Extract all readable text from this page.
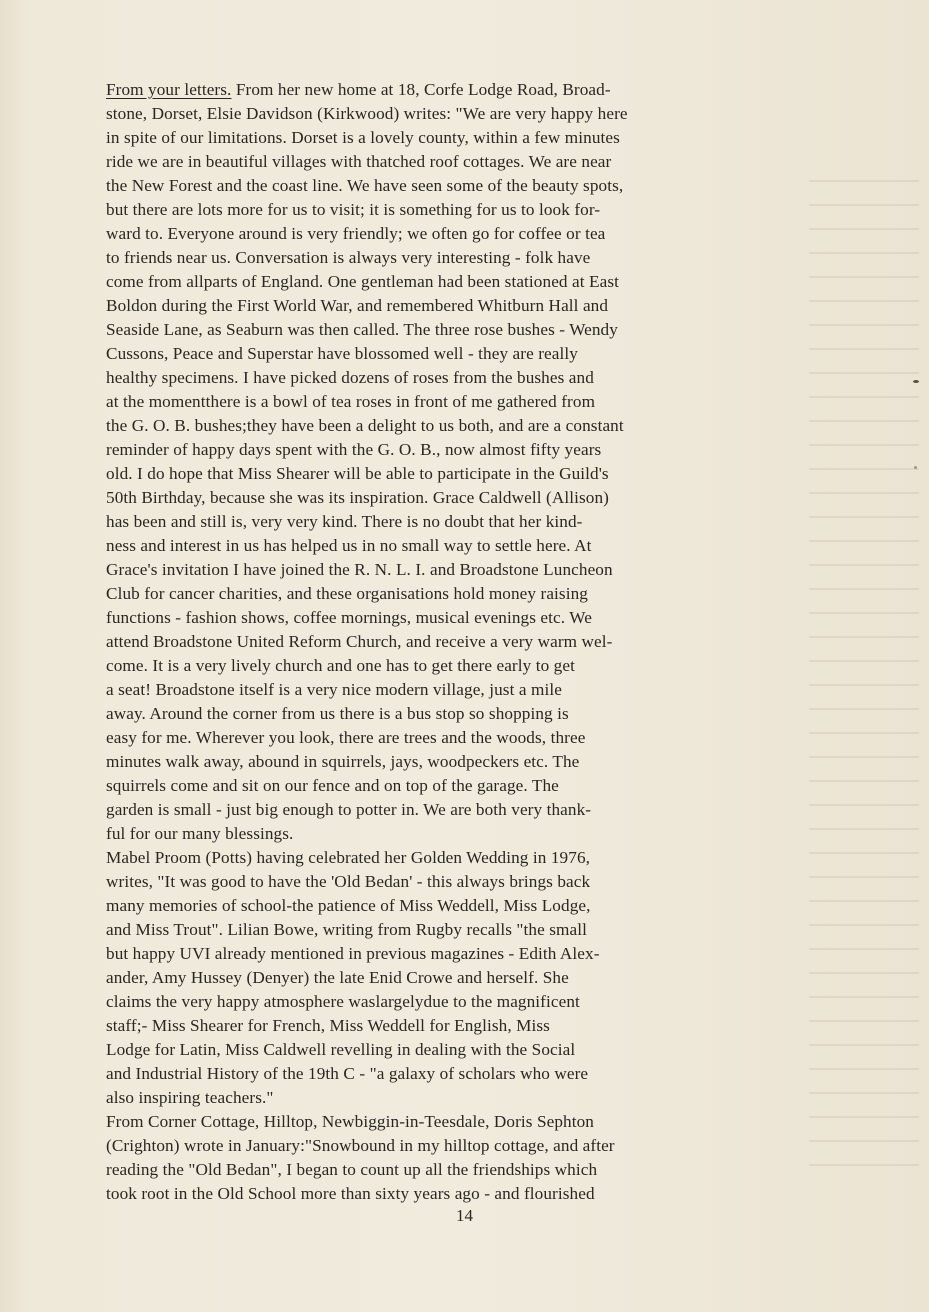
From your letters. From her new home at 18, Corfe Lodge Road, Broad-
stone, Dorset, Elsie Davidson (Kirkwood) writes: "We are very happy here
in spite of our limitations. Dorset is a lovely county, within a few minutes
ride we are in beautiful villages with thatched roof cottages. We are near
the New Forest and the coast line. We have seen some of the beauty spots,
but there are lots more for us to visit; it is something for us to look for-
ward to. Everyone around is very friendly; we often go for coffee or tea
to friends near us. Conversation is always very interesting - folk have
come from allparts of England. One gentleman had been stationed at East
Boldon during the First World War, and remembered Whitburn Hall and
Seaside Lane, as Seaburn was then called. The three rose bushes - Wendy
Cussons, Peace and Superstar have blossomed well - they are really
healthy specimens. I have picked dozens of roses from the bushes and
at the momentthere is a bowl of tea roses in front of me gathered from
the G. O. B. bushes;they have been a delight to us both, and are a constant
reminder of happy days spent with the G. O. B., now almost fifty years
old. I do hope that Miss Shearer will be able to participate in the Guild's
50th Birthday, because she was its inspiration. Grace Caldwell (Allison)
has been and still is, very very kind. There is no doubt that her kind-
ness and interest in us has helped us in no small way to settle here. At
Grace's invitation I have joined the R. N. L. I. and Broadstone Luncheon
Club for cancer charities, and these organisations hold money raising
functions - fashion shows, coffee mornings, musical evenings etc. We
attend Broadstone United Reform Church, and receive a very warm wel-
come. It is a very lively church and one has to get there early to get
a seat! Broadstone itself is a very nice modern village, just a mile
away. Around the corner from us there is a bus stop so shopping is
easy for me. Wherever you look, there are trees and the woods, three
minutes walk away, abound in squirrels, jays, woodpeckers etc. The
squirrels come and sit on our fence and on top of the garage. The
garden is small - just big enough to potter in. We are both very thank-
ful for our many blessings.
Mabel Proom (Potts) having celebrated her Golden Wedding in 1976,
writes, "It was good to have the 'Old Bedan' - this always brings back
many memories of school-the patience of Miss Weddell, Miss Lodge,
and Miss Trout". Lilian Bowe, writing from Rugby recalls "the small
but happy UVI already mentioned in previous magazines - Edith Alex-
ander, Amy Hussey (Denyer) the late Enid Crowe and herself. She
claims the very happy atmosphere waslargelydue to the magnificent
staff;- Miss Shearer for French, Miss Weddell for English, Miss
Lodge for Latin, Miss Caldwell revelling in dealing with the Social
and Industrial History of the 19th C - "a galaxy of scholars who were
also inspiring teachers."
From Corner Cottage, Hilltop, Newbiggin-in-Teesdale, Doris Sephton
(Crighton) wrote in January:"Snowbound in my hilltop cottage, and after
reading the "Old Bedan", I began to count up all the friendships which
took root in the Old School more than sixty years ago - and flourished
14
